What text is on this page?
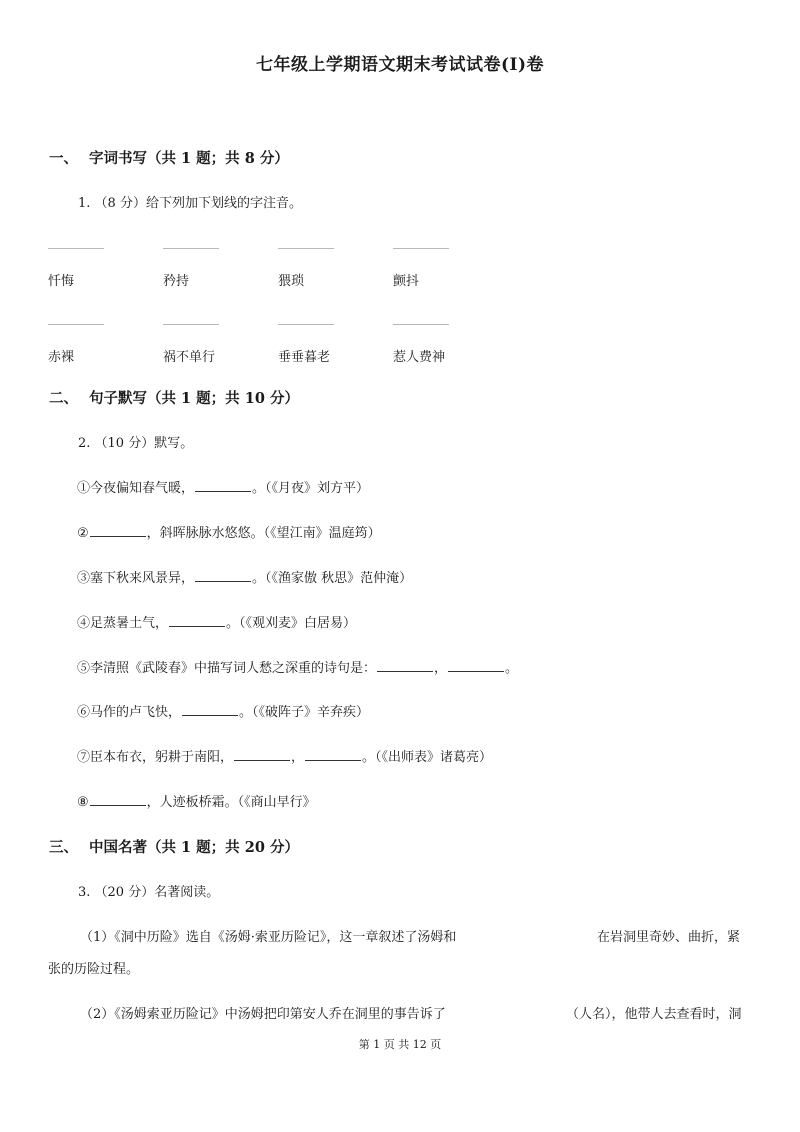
七年级上学期语文期末考试试卷(I)卷
一、 字词书写（共 1 题；共 8 分）
1. （8 分）给下列加下划线的字注音。
忏悔	矜持	猥琐	颤抖
赤裸	祸不单行	垂垂暮老	惹人费神
二、 句子默写（共 1 题；共 10 分）
2. （10 分）默写。
①今夜偏知春气暖，	。（《月夜》刘方平）
②	，斜晖脉脉水悠悠。（《望江南》温庭筠）
③塞下秋来风景异，	。（《渔家傲 秋思》范仲淹）
④足蒸暑土气，	。（《观刈麦》白居易）
⑤李清照《武陵春》中描写词人愁之深重的诗句是：	，	。
⑥马作的卢飞快，	。（《破阵子》辛弃疾）
⑦臣本布衣，躬耕于南阳，	，	。（《出师表》诸葛亮）
⑧	，人迹板桥霜。（《商山早行》
三、 中国名著（共 1 题；共 20 分）
3. （20 分）名著阅读。
（1）《洞中历险》选自《汤姆·索亚历险记》，这一章叙述了汤姆和	在岩洞里奇妙、曲折，紧
张的历险过程。
（2）《汤姆索亚历险记》中汤姆把印第安人乔在洞里的事告诉了	（人名），他带人去查看时，洞
第 1 页 共 12 页
